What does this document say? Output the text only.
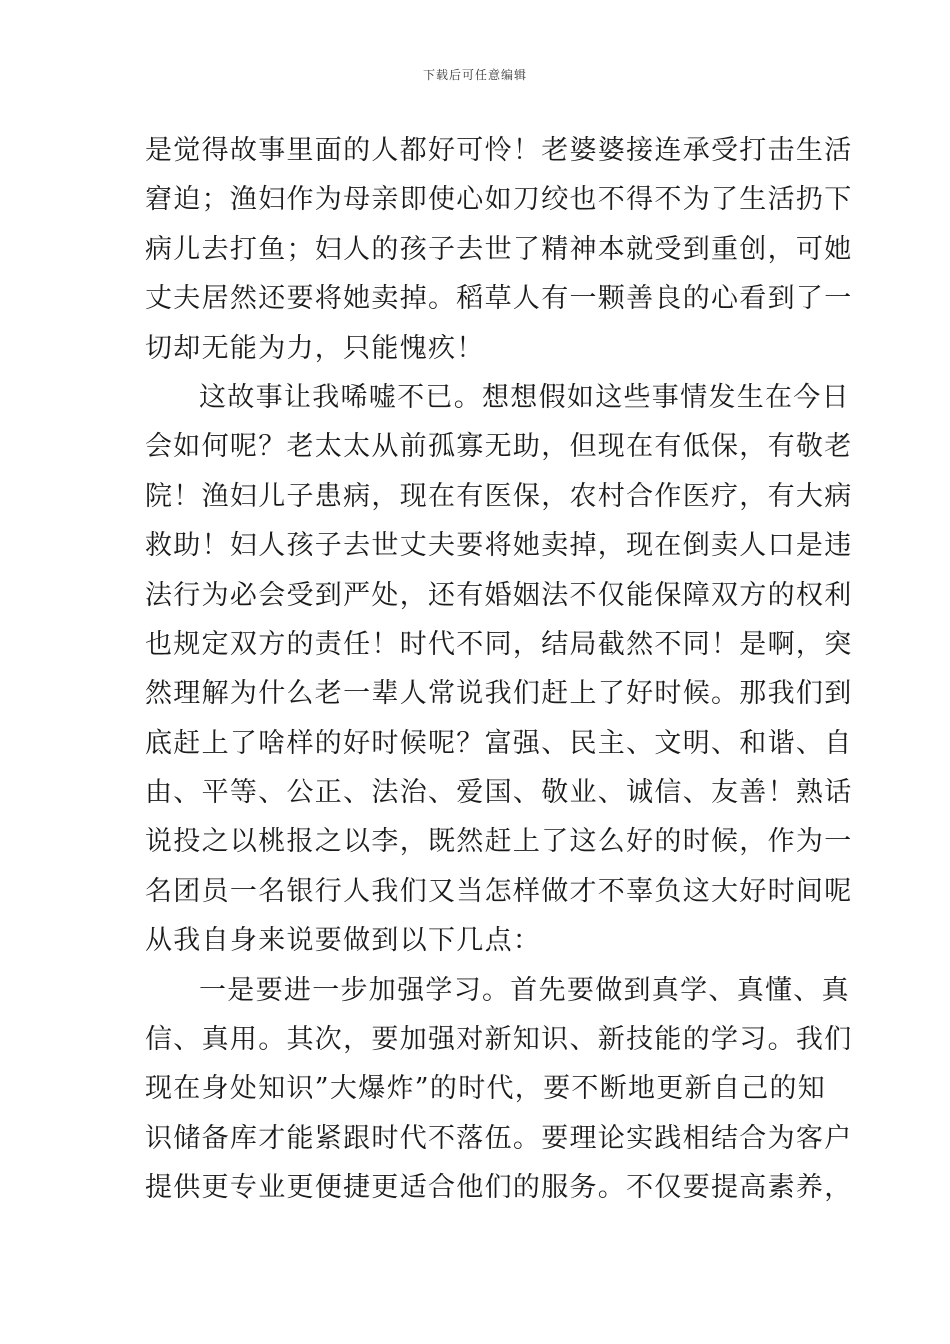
下载后可任意编辑
是觉得故事里面的人都好可怜！老婆婆接连承受打击生活
窘迫；渔妇作为母亲即使心如刀绞也不得不为了生活扔下
病儿去打鱼；妇人的孩子去世了精神本就受到重创，可她
丈夫居然还要将她卖掉。稻草人有一颗善良的心看到了一
切却无能为力，只能愧疚！
这故事让我唏嘘不已。想想假如这些事情发生在今日
会如何呢？老太太从前孤寡无助，但现在有低保，有敬老
院！渔妇儿子患病，现在有医保，农村合作医疗，有大病
救助！妇人孩子去世丈夫要将她卖掉，现在倒卖人口是违
法行为必会受到严处，还有婚姻法不仅能保障双方的权利
也规定双方的责任！时代不同，结局截然不同！是啊，突
然理解为什么老一辈人常说我们赶上了好时候。那我们到
底赶上了啥样的好时候呢？富强、民主、文明、和谐、自
由、平等、公正、法治、爱国、敬业、诚信、友善！熟话
说投之以桃报之以李，既然赶上了这么好的时候，作为一
名团员一名银行人我们又当怎样做才不辜负这大好时间呢
从我自身来说要做到以下几点：
一是要进一步加强学习。首先要做到真学、真懂、真
信、真用。其次，要加强对新知识、新技能的学习。我们
现在身处知识”大爆炸”的时代，要不断地更新自己的知
识储备库才能紧跟时代不落伍。要理论实践相结合为客户
提供更专业更便捷更适合他们的服务。不仅要提高素养，
